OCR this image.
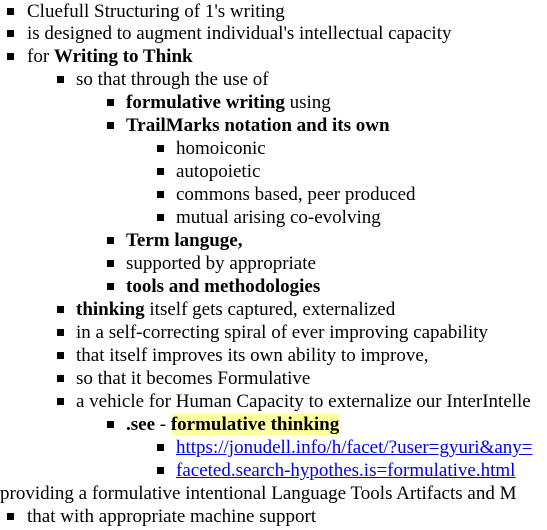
Cluefull Structuring of 1's writing
is designed to augment individual's intellectual capacity
for Writing to Think
so that through the use of
formulative writing using
TrailMarks notation and its own
homoiconic
autopoietic
commons based, peer produced
mutual arising co-evolving
Term languge,
supported by appropriate
tools and methodologies
thinking itself gets captured, externalized
in a self-correcting spiral of ever improving capability
that itself improves its own ability to improve,
so that it becomes Formulative
a vehicle for Human Capacity to externalize our InterIntelle
.see - formulative thinking
https://jonudell.info/h/facet/?user=gyuri&any=
faceted.search-hypothes.is=formulative.html
providing a formulative intentional Language Tools Artifacts and M
that with appropriate machine support
